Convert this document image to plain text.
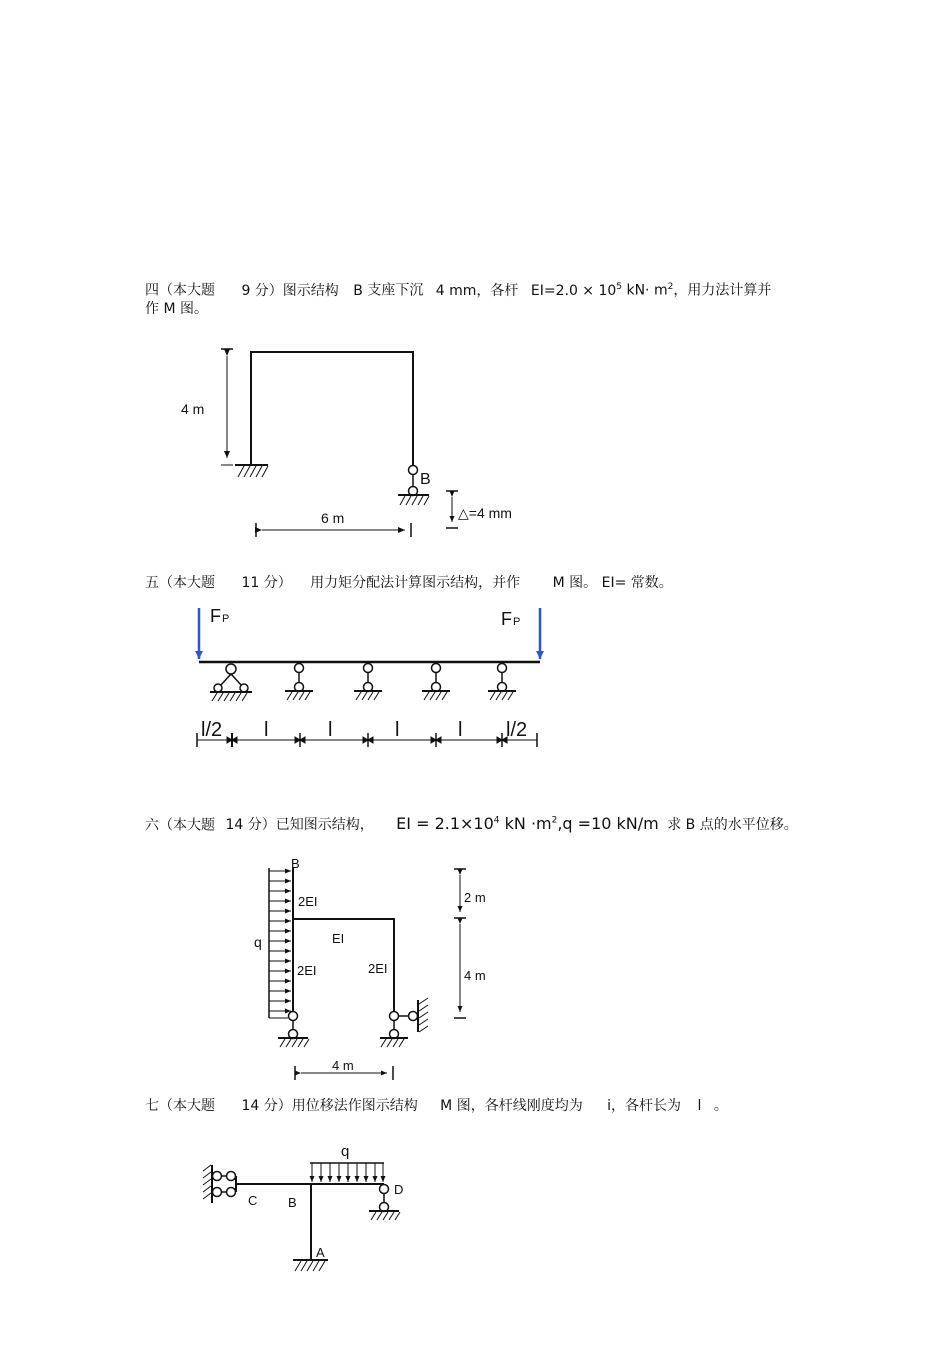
四（本大题 9 分）图示结构 B 支座下沉 4 mm，各杆 $EI=2.0 \times 10^5$ $kN\cdot m^2$，用力法计算并
作 M 图。
五（本大题 11 分） 用力矩分配法计算图示结构，并作 M 图。 EI= 常数。
六（本大题 14 分）已知图示结构， EI = $2.1\times 10^4$ kN $\cdot m^2,q =10$ kN/m 求 B 点的水平位移。
七（本大题 14 分）用位移法作图示结构 M 图，各杆线刚度均为 i，各杆长为 l 。
4 m
6 m
B
△=4 mm
FP	FP
l/2 l	l	l	l l/2
B
2EI
EI
2EI	2EI
q
2 m
4 m
4 m
q
C B
D
A
